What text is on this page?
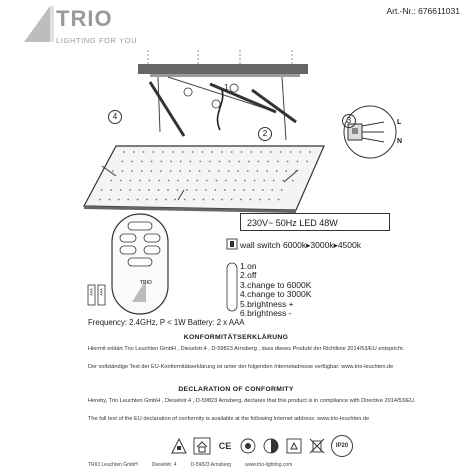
TRIO
LIGHTING FOR YOU
Art.-Nr.: 676611031
1
2
3
4
L
N
TRIO
AAA AAA
230V~ 50Hz LED 48W
wall switch 6000k▸3000k▸4500k
1.on
2.off
3.change to 6000K
4.change to 3000K
5.brightness +
6.brightness -
Frequency: 2.4GHz, P < 1W Battery: 2 x AAA
KONFORMITÄTSERKLÄRUNG
Hiermit erklärt Trio Leuchten GmbH , Dieselstr.4 , D-59823 Arnsberg , dass dieses Produkt der Richtlinie 2014/53/EU entspricht.
Der vollständige Text der EU-Konformitätserklärung ist unter der folgenden Internetadresse verfügbar: www.trio-leuchten.de
DECLARATION OF CONFORMITY
Hereby, Trio Leuchten GmbH , Dieselstr.4 , D-59823 Arnsberg, declares that this product is in compliance with Directive 2014/53/EU.
The full text of the EU declaration of conformity is available at the following internet address: www.trio-leuchten.de
CE	IP20
TRIO Leuchten GmbH	Dieselstr. 4	D-59823 Arnsberg	www.trio-lighting.com
